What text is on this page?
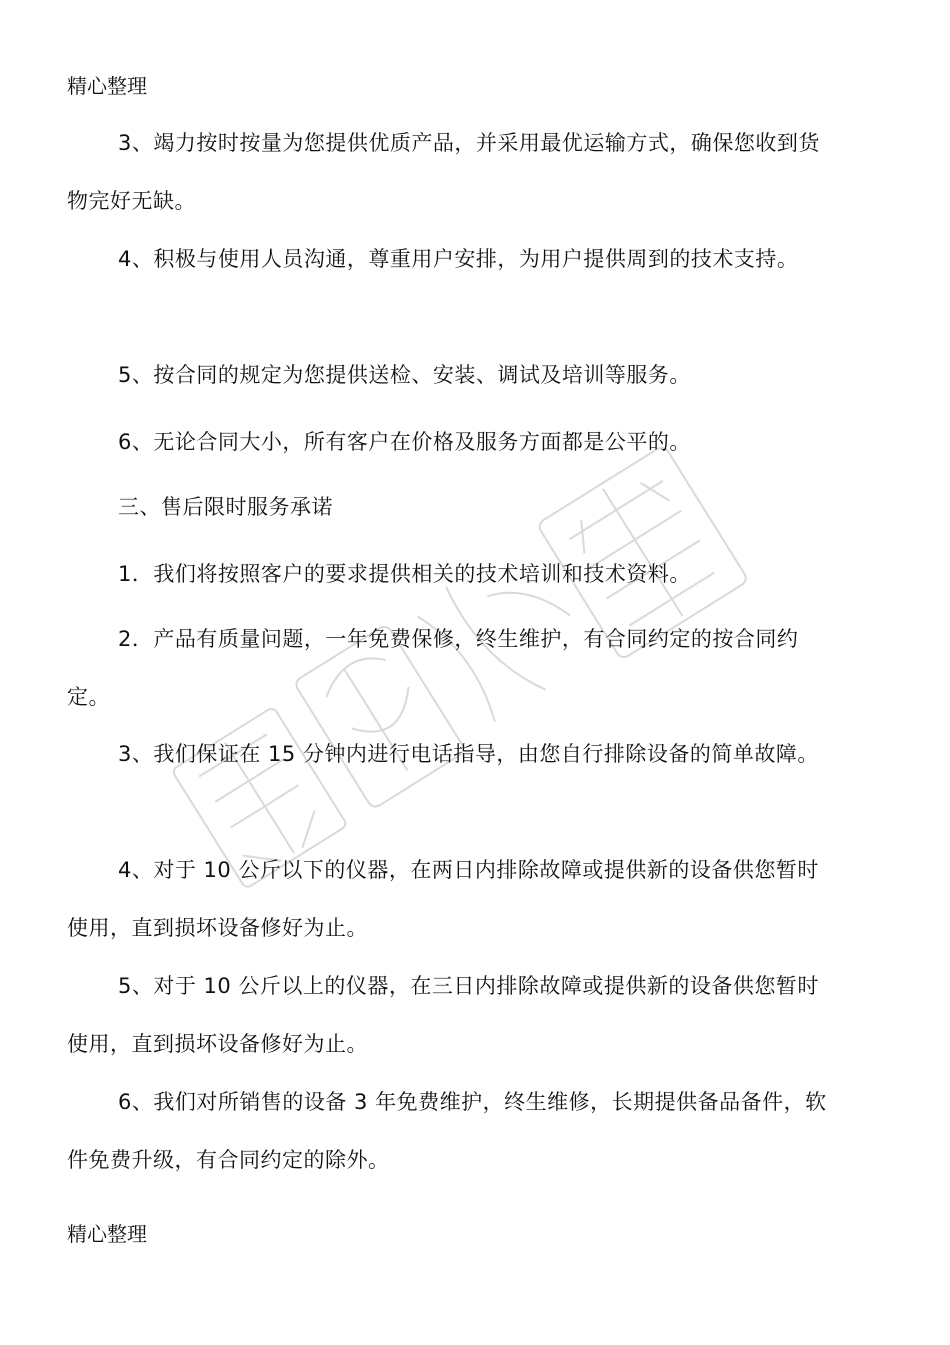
精心整理

3、竭力按时按量为您提供优质产品，并采用最优运输方式，确保您收到货物完好无缺。

4、积极与使用人员沟通，尊重用户安排，为用户提供周到的技术支持。

5、按合同的规定为您提供送检、安装、调试及培训等服务。

6、无论合同大小，所有客户在价格及服务方面都是公平的。

三、售后限时服务承诺

1．我们将按照客户的要求提供相关的技术培训和技术资料。

2．产品有质量问题，一年免费保修，终生维护，有合同约定的按合同约定。

3、我们保证在 15 分钟内进行电话指导，由您自行排除设备的简单故障。

4、对于 10 公斤以下的仪器，在两日内排除故障或提供新的设备供您暂时使用，直到损坏设备修好为止。

5、对于 10 公斤以上的仪器，在三日内排除故障或提供新的设备供您暂时使用，直到损坏设备修好为止。

6、我们对所销售的设备 3 年免费维护，终生维修，长期提供备品备件，软件免费升级，有合同约定的除外。

精心整理
